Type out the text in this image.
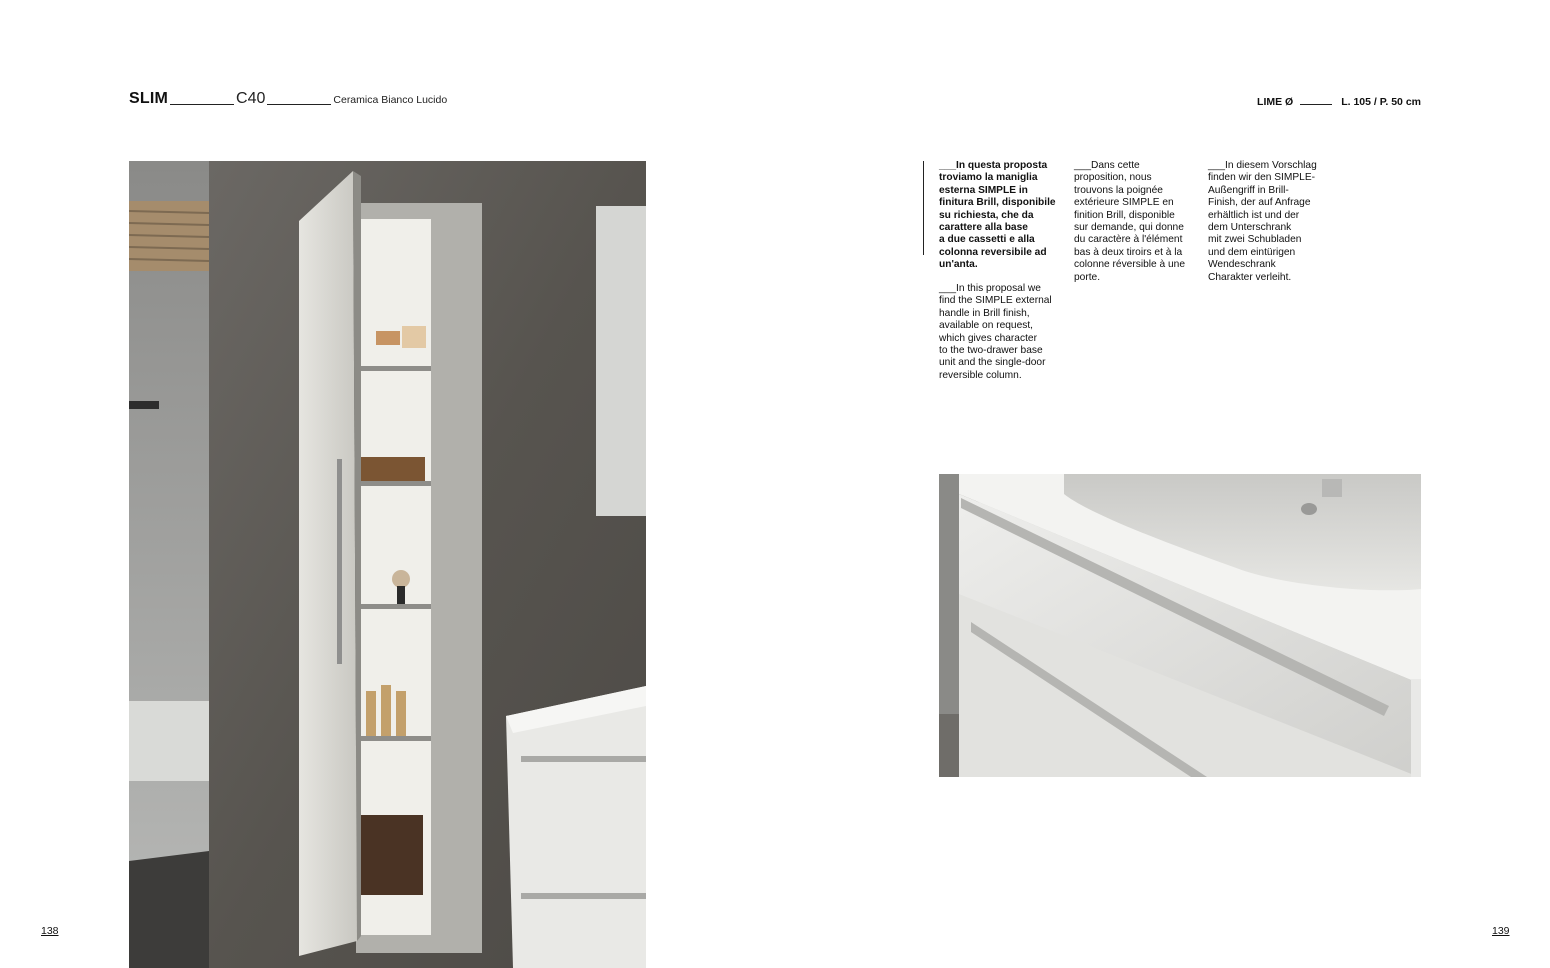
SLIM	C40	Ceramica Bianco Lucido	LIME Ø	L. 105 / P. 50 cm
___In questa proposta
troviamo la maniglia
esterna SIMPLE in
finitura Brill, disponibile
su richiesta, che da
carattere alla base
a due cassetti e alla
colonna reversibile ad
un'anta.
___In this proposal we
find the SIMPLE external
handle in Brill finish,
available on request,
which gives character
to the two-drawer base
unit and the single-door
reversible column.
___Dans cette
proposition, nous
trouvons la poignée
extérieure SIMPLE en
finition Brill, disponible
sur demande, qui donne
du caractère à l'élément
bas à deux tiroirs et à la
colonne réversible à une
porte.
___In diesem Vorschlag
finden wir den SIMPLE-
Außengriff in Brill-
Finish, der auf Anfrage
erhältlich ist und der
dem Unterschrank
mit zwei Schubladen
und dem eintürigen
Wendeschrank
Charakter verleiht.
138	139
